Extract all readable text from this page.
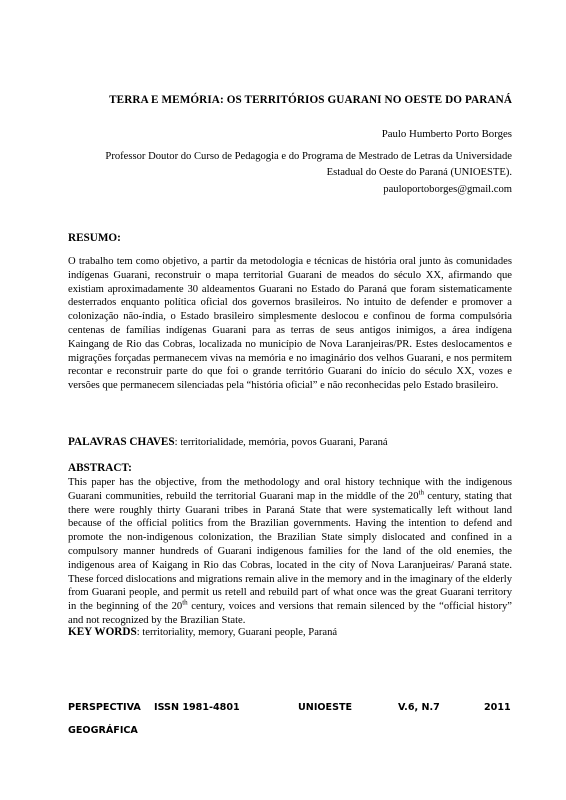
TERRA E MEMÓRIA: OS TERRITÓRIOS GUARANI NO OESTE DO PARANÁ
Paulo Humberto Porto Borges
Professor Doutor do Curso de Pedagogia e do Programa de Mestrado de Letras da Universidade
Estadual do Oeste do Paraná (UNIOESTE).
pauloportoborges@gmail.com
RESUMO:

O trabalho tem como objetivo, a partir da metodologia e técnicas de história oral junto às comunidades indígenas Guarani, reconstruir o mapa territorial Guarani de meados do século XX, afirmando que existiam aproximadamente 30 aldeamentos Guarani no Estado do Paraná que foram sistematicamente desterrados enquanto política oficial dos governos brasileiros. No intuito de defender e promover a colonização não-índia, o Estado brasileiro simplesmente deslocou e confinou de forma compulsória centenas de famílias indígenas Guarani para as terras de seus antigos inimigos, a área indígena Kaingang de Rio das Cobras, localizada no município de Nova Laranjeiras/PR. Estes deslocamentos e migrações forçadas permanecem vivas na memória e no imaginário dos velhos Guarani, e nos permitem recontar e reconstruir parte do que foi o grande território Guarani do início do século XX, vozes e versões que permanecem silenciadas pela “história oficial” e não reconhecidas pelo Estado brasileiro.

PALAVRAS CHAVES: territorialidade, memória, povos Guarani, Paraná
ABSTRACT:

This paper has the objective, from the methodology and oral history technique with the indigenous Guarani communities, rebuild the territorial Guarani map in the middle of the 20th century, stating that there were roughly thirty Guarani tribes in Paraná State that were systematically left without land because of the official politics from the Brazilian governments. Having the intention to defend and promote the non-indigenous colonization, the Brazilian State simply dislocated and confined in a compulsory manner hundreds of Guarani indigenous families for the land of the old enemies, the indigenous area of Kaigang in Rio das Cobras, located in the city of Nova Laranjueiras/ Paraná state. These forced dislocations and migrations remain alive in the memory and in the imaginary of the elderly from Guarani people, and permit us retell and rebuild part of what once was the great Guarani territory in the beginning of the 20th century, voices and versions that remain silenced by the “official history” and not recognized by the Brazilian State.

KEY WORDS: territoriality, memory, Guarani people, Paraná
PERSPECTIVA ISSN 1981-4801	UNIOESTE	V.6, N.7	2011
GEOGRÁFICA
